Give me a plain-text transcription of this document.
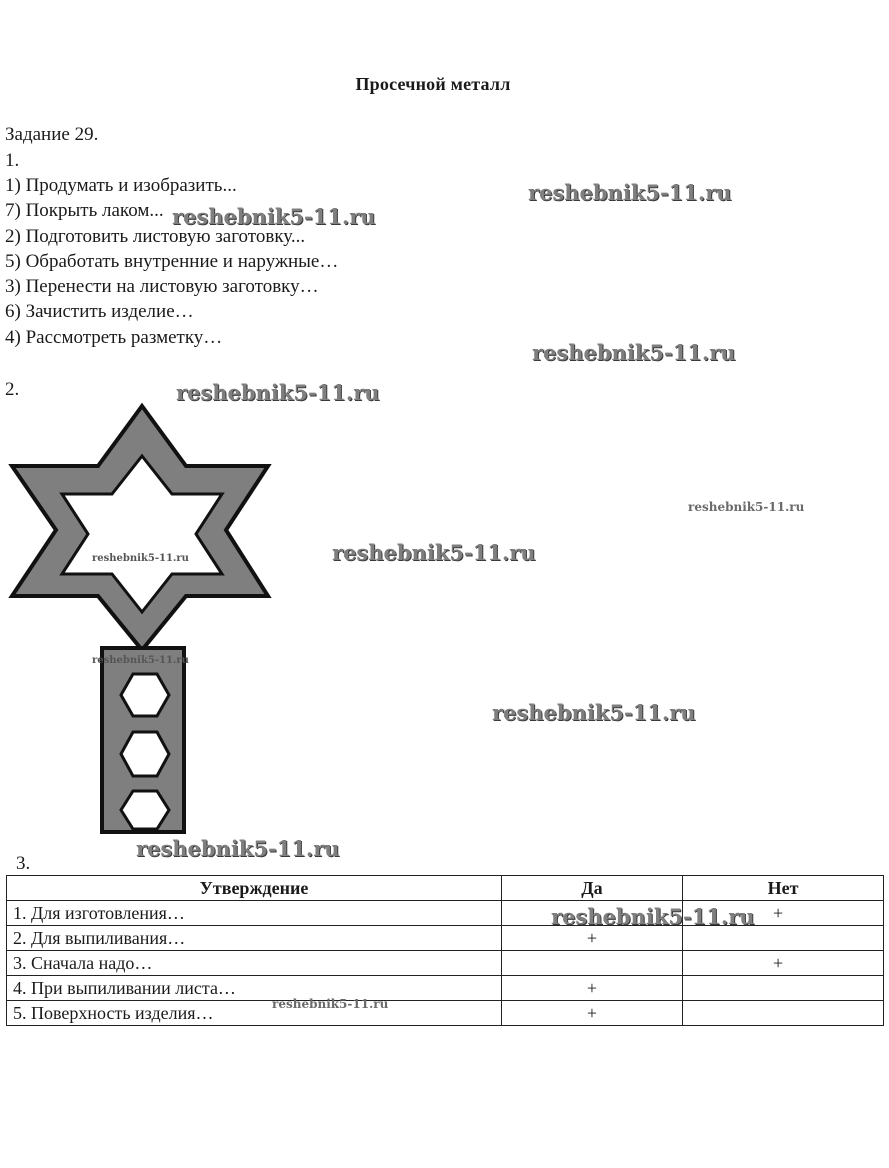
Просечной металл
Задание 29.
1.
1) Продумать и изобразить...
7) Покрыть лаком...
2) Подготовить листовую заготовку...
5) Обработать внутренние и наружные…
3) Перенести на листовую заготовку…
6) Зачистить изделие…
4) Рассмотреть разметку…
2.
3.
Утверждение	Да	Нет
1. Для изготовления…		+
2. Для выпиливания…	+	
3. Сначала надо…		+
4. При выпиливании листа…	+	
5. Поверхность изделия…	+	
reshebnik5-11.ru
reshebnik5-11.ru
reshebnik5-11.ru
reshebnik5-11.ru
reshebnik5-11.ru
reshebnik5-11.ru
reshebnik5-11.ru
reshebnik5-11.ru
reshebnik5-11.ru
reshebnik5-11.ru
reshebnik5-11.ru
reshebnik5-11.ru
